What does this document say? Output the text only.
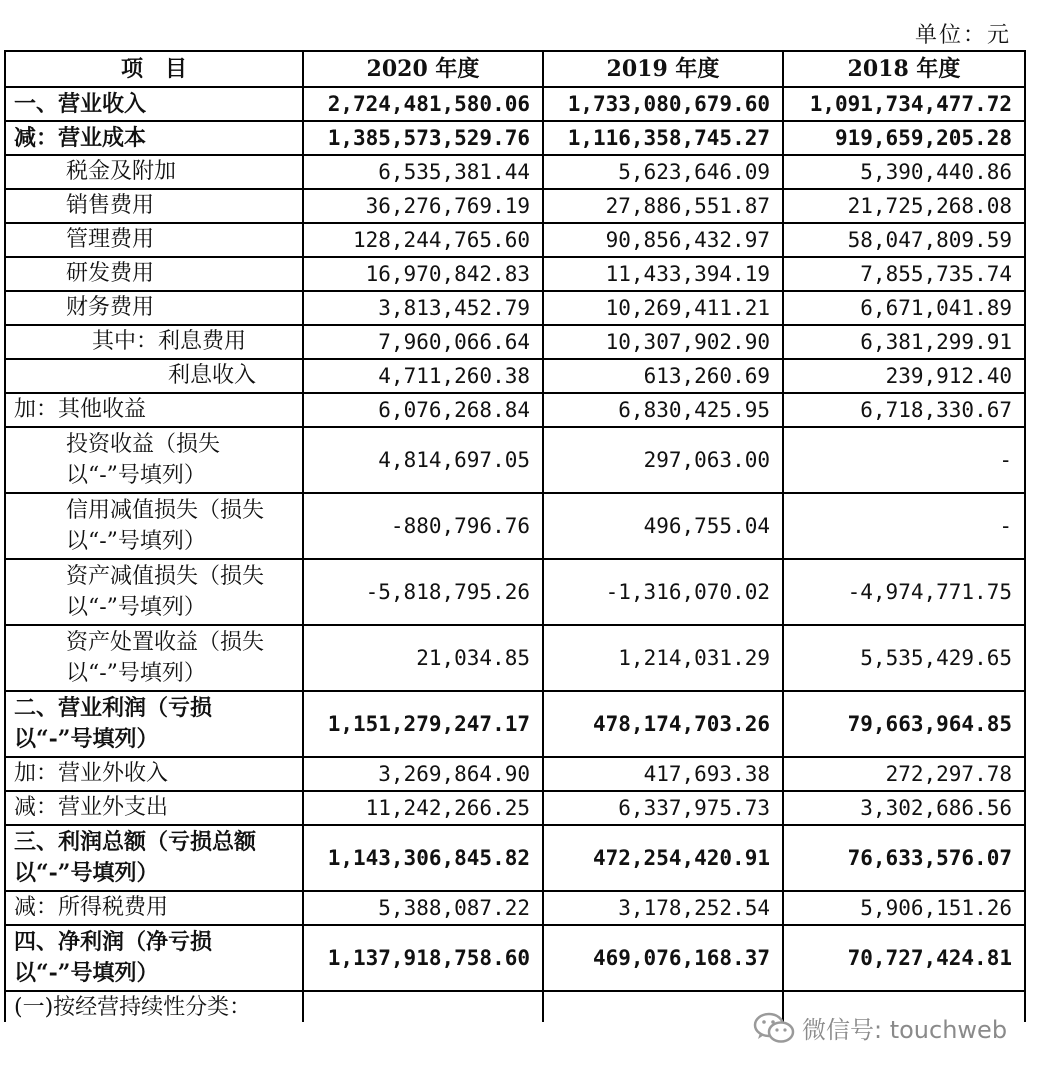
单位：元
项　目	2020 年度	2019 年度	2018 年度
一、营业收入	2,724,481,580.06	1,733,080,679.60	1,091,734,477.72
减：营业成本	1,385,573,529.76	1,116,358,745.27	919,659,205.28
税金及附加	6,535,381.44	5,623,646.09	5,390,440.86
销售费用	36,276,769.19	27,886,551.87	21,725,268.08
管理费用	128,244,765.60	90,856,432.97	58,047,809.59
研发费用	16,970,842.83	11,433,394.19	7,855,735.74
财务费用	3,813,452.79	10,269,411.21	6,671,041.89
其中：利息费用	7,960,066.64	10,307,902.90	6,381,299.91
利息收入	4,711,260.38	613,260.69	239,912.40
加：其他收益	6,076,268.84	6,830,425.95	6,718,330.67
投资收益（损失以“-”号填列）	4,814,697.05	297,063.00	-
信用减值损失（损失以“-”号填列）	-880,796.76	496,755.04	-
资产减值损失（损失以“-”号填列）	-5,818,795.26	-1,316,070.02	-4,974,771.75
资产处置收益（损失以“-”号填列）	21,034.85	1,214,031.29	5,535,429.65
二、营业利润（亏损以“-”号填列）	1,151,279,247.17	478,174,703.26	79,663,964.85
加：营业外收入	3,269,864.90	417,693.38	272,297.78
减：营业外支出	11,242,266.25	6,337,975.73	3,302,686.56
三、利润总额（亏损总额以“-”号填列）	1,143,306,845.82	472,254,420.91	76,633,576.07
减：所得税费用	5,388,087.22	3,178,252.54	5,906,151.26
四、净利润（净亏损以“-”号填列）	1,137,918,758.60	469,076,168.37	70,727,424.81
(一)按经营持续性分类：			
微信号: touchweb
